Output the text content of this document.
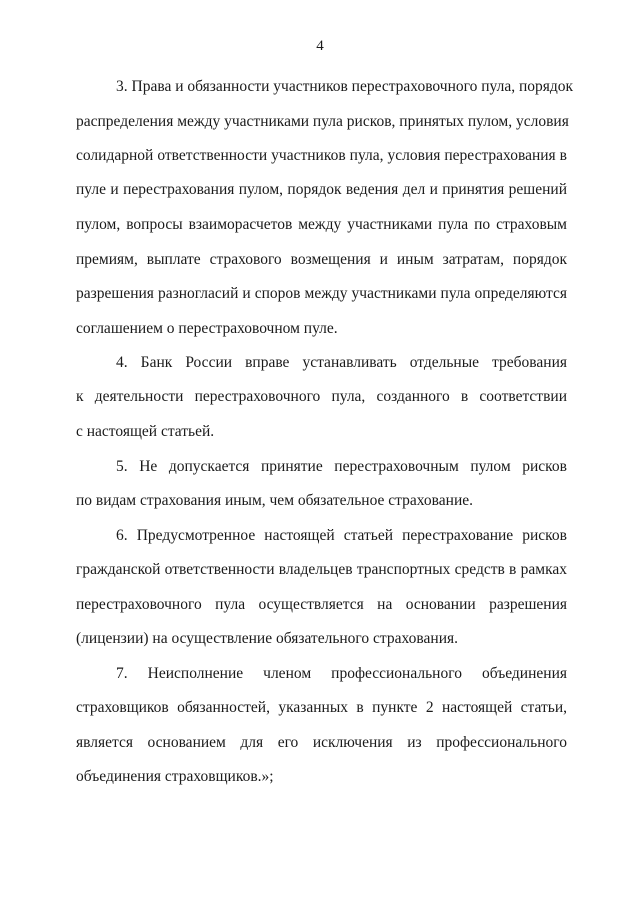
4
3. Права и обязанности участников перестраховочного пула, порядок
распределения между участниками пула рисков, принятых пулом, условия
солидарной ответственности участников пула, условия перестрахования в
пуле и перестрахования пулом, порядок ведения дел и принятия решений
пулом, вопросы взаиморасчетов между участниками пула по страховым
премиям, выплате страхового возмещения и иным затратам, порядок
разрешения разногласий и споров между участниками пула определяются
соглашением о перестраховочном пуле.
4. Банк России вправе устанавливать отдельные требования
к деятельности перестраховочного пула, созданного в соответствии
с настоящей статьей.
5. Не допускается принятие перестраховочным пулом рисков
по видам страхования иным, чем обязательное страхование.
6. Предусмотренное настоящей статьей перестрахование рисков
гражданской ответственности владельцев транспортных средств в рамках
перестраховочного пула осуществляется на основании разрешения
(лицензии) на осуществление обязательного страхования.
7. Неисполнение членом профессионального объединения
страховщиков обязанностей, указанных в пункте 2 настоящей статьи,
является основанием для его исключения из профессионального
объединения страховщиков.»;
